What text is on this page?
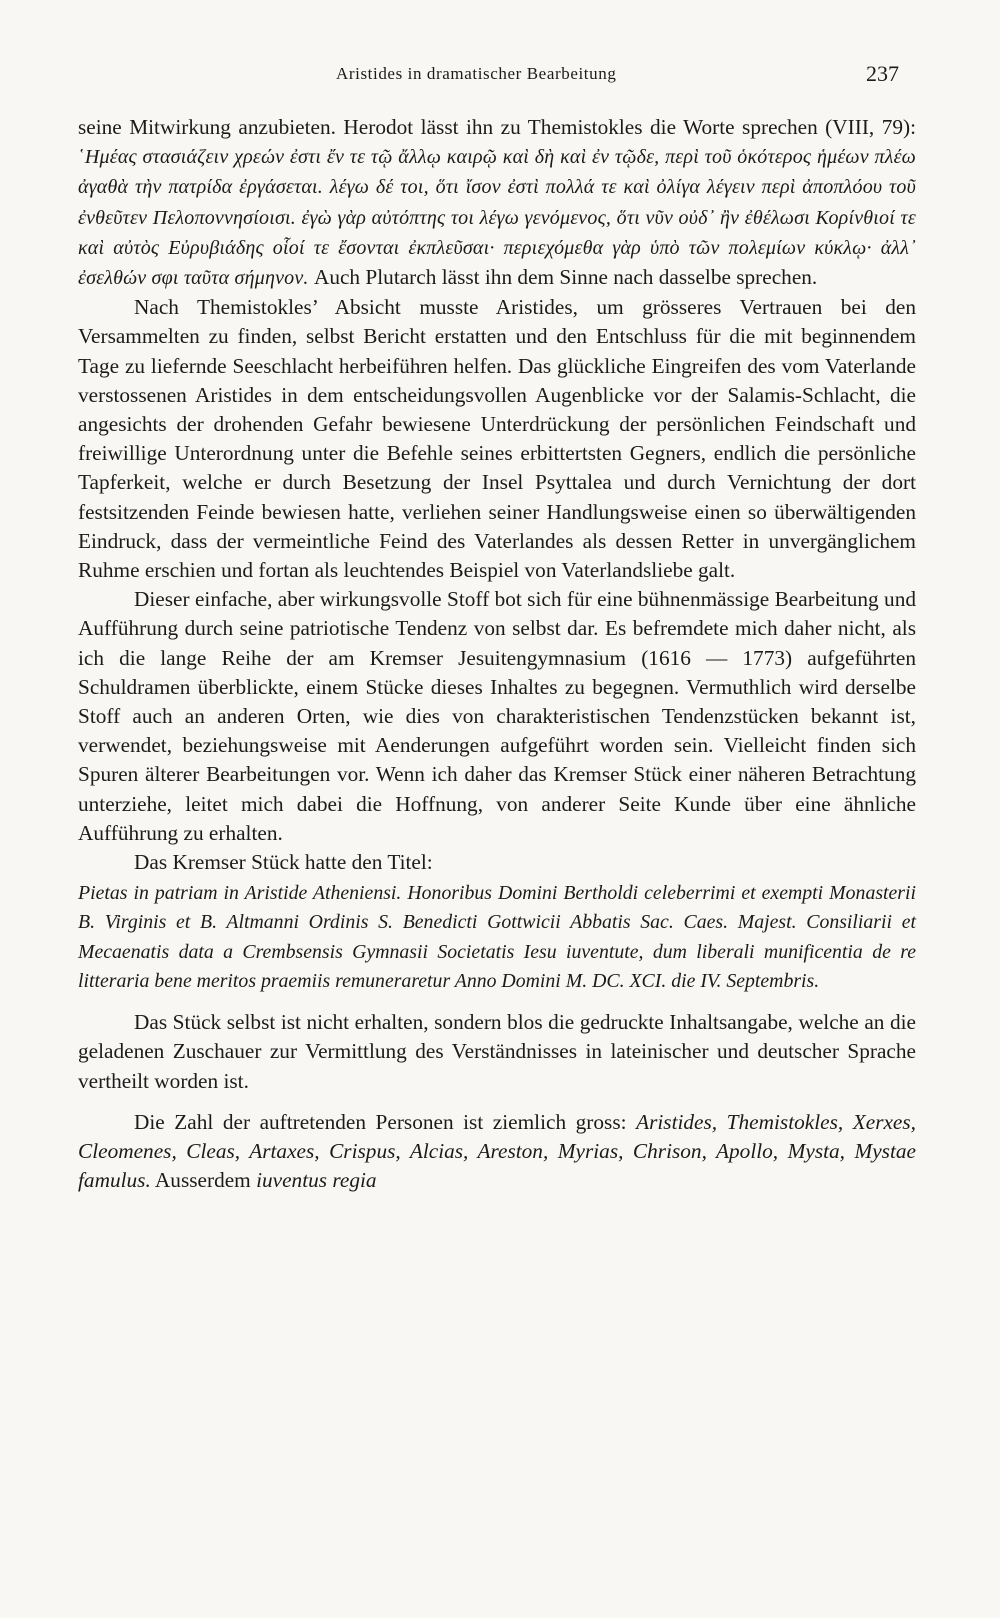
Aristides in dramatischer Bearbeitung	237

seine Mitwirkung anzubieten. Herodot lässt ihn zu Themistokles die Worte sprechen (VIII, 79): ῾Ημέας στασιάζειν χρεών ἐστι ἔν τε τῷ ἄλλῳ καιρῷ καὶ δὴ καὶ ἐν τῷδε, περὶ τοῦ ὁκότερος ἡμέων πλέω ἀγαθὰ τὴν πατρίδα ἐργάσεται. λέγω δέ τοι, ὅτι ἴσον ἐστὶ πολλά τε καὶ ὀλίγα λέγειν περὶ ἀποπλόου τοῦ ἐνθεῦτεν Πελοποννησίοισι. ἐγὼ γὰρ αὐτόπτης τοι λέγω γενόμενος, ὅτι νῦν οὐδ᾽ ἢν ἐθέλωσι Κορίνθιοί τε καὶ αὐτὸς Εὐρυβιάδης οἷοί τε ἔσονται ἐκπλεῦσαι· περιεχόμεθα γὰρ ὑπὸ τῶν πολεμίων κύκλῳ· ἀλλ᾽ ἐσελθών σφι ταῦτα σήμηνον. Auch Plutarch lässt ihn dem Sinne nach dasselbe sprechen.

Nach Themistokles’ Absicht musste Aristides, um grösseres Vertrauen bei den Versammelten zu finden, selbst Bericht erstatten und den Entschluss für die mit beginnendem Tage zu liefernde Seeschlacht herbeiführen helfen. Das glückliche Eingreifen des vom Vaterlande verstossenen Aristides in dem entscheidungsvollen Augenblicke vor der Salamis-Schlacht, die angesichts der drohenden Gefahr bewiesene Unterdrückung der persönlichen Feindschaft und freiwillige Unterordnung unter die Befehle seines erbittertsten Gegners, endlich die persönliche Tapferkeit, welche er durch Besetzung der Insel Psyttalea und durch Vernichtung der dort festsitzenden Feinde bewiesen hatte, verliehen seiner Handlungsweise einen so überwältigenden Eindruck, dass der vermeintliche Feind des Vaterlandes als dessen Retter in unvergänglichem Ruhme erschien und fortan als leuchtendes Beispiel von Vaterlandsliebe galt.

Dieser einfache, aber wirkungsvolle Stoff bot sich für eine bühnenmässige Bearbeitung und Aufführung durch seine patriotische Tendenz von selbst dar. Es befremdete mich daher nicht, als ich die lange Reihe der am Kremser Jesuitengymnasium (1616 — 1773) aufgeführten Schuldramen überblickte, einem Stücke dieses Inhaltes zu begegnen. Vermuthlich wird derselbe Stoff auch an anderen Orten, wie dies von charakteristischen Tendenzstücken bekannt ist, verwendet, beziehungsweise mit Aenderungen aufgeführt worden sein. Vielleicht finden sich Spuren älterer Bearbeitungen vor. Wenn ich daher das Kremser Stück einer näheren Betrachtung unterziehe, leitet mich dabei die Hoffnung, von anderer Seite Kunde über eine ähnliche Aufführung zu erhalten.

Das Kremser Stück hatte den Titel:

Pietas in patriam in Aristide Atheniensi. Honoribus Domini Bertholdi celeberrimi et exempti Monasterii B. Virginis et B. Altmanni Ordinis S. Benedicti Gottwicii Abbatis Sac. Caes. Majest. Consiliarii et Mecaenatis data a Crembsensis Gymnasii Societatis Iesu iuventute, dum liberali munificentia de re litteraria bene meritos praemiis remuneraretur Anno Domini M. DC. XCI. die IV. Septembris.

Das Stück selbst ist nicht erhalten, sondern blos die gedruckte Inhaltsangabe, welche an die geladenen Zuschauer zur Vermittlung des Verständnisses in lateinischer und deutscher Sprache vertheilt worden ist.

Die Zahl der auftretenden Personen ist ziemlich gross: Aristides, Themistokles, Xerxes, Cleomenes, Cleas, Artaxes, Crispus, Alcias, Areston, Myrias, Chrison, Apollo, Mysta, Mystae famulus. Ausserdem iuventus regia
